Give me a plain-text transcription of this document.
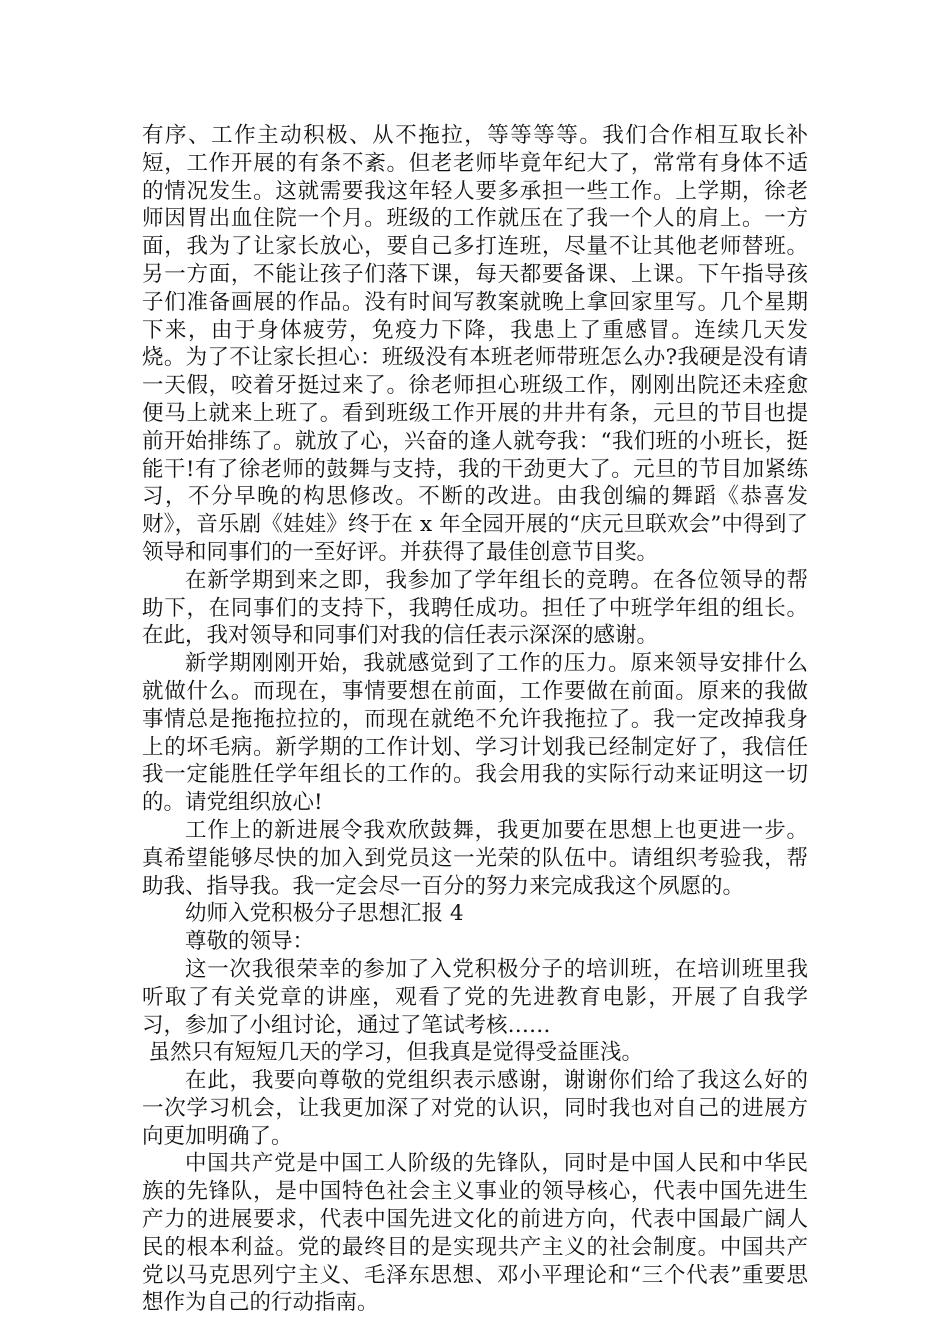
有序、工作主动积极、从不拖拉，等等等等。我们合作相互取长补短，工作开展的有条不紊。但老老师毕竟年纪大了，常常有身体不适的情况发生。这就需要我这年轻人要多承担一些工作。上学期，徐老师因胃出血住院一个月。班级的工作就压在了我一个人的肩上。一方面，我为了让家长放心，要自己多打连班，尽量不让其他老师替班。另一方面，不能让孩子们落下课，每天都要备课、上课。下午指导孩子们准备画展的作品。没有时间写教案就晚上拿回家里写。几个星期下来，由于身体疲劳，免疫力下降，我患上了重感冒。连续几天发烧。为了不让家长担心：班级没有本班老师带班怎么办?我硬是没有请一天假，咬着牙挺过来了。徐老师担心班级工作，刚刚出院还未痊愈便马上就来上班了。看到班级工作开展的井井有条，元旦的节目也提前开始排练了。就放了心，兴奋的逢人就夸我：“我们班的小班长，挺能干!有了徐老师的鼓舞与支持，我的干劲更大了。元旦的节目加紧练习，不分早晚的构思修改。不断的改进。由我创编的舞蹈《恭喜发财》，音乐剧《娃娃》终于在 x 年全园开展的“庆元旦联欢会”中得到了领导和同事们的一至好评。并获得了最佳创意节目奖。

在新学期到来之即，我参加了学年组长的竞聘。在各位领导的帮助下，在同事们的支持下，我聘任成功。担任了中班学年组的组长。在此，我对领导和同事们对我的信任表示深深的感谢。

新学期刚刚开始，我就感觉到了工作的压力。原来领导安排什么就做什么。而现在，事情要想在前面，工作要做在前面。原来的我做事情总是拖拖拉拉的，而现在就绝不允许我拖拉了。我一定改掉我身上的坏毛病。新学期的工作计划、学习计划我已经制定好了，我信任我一定能胜任学年组长的工作的。我会用我的实际行动来证明这一切的。请党组织放心!

工作上的新进展令我欢欣鼓舞，我更加要在思想上也更进一步。真希望能够尽快的加入到党员这一光荣的队伍中。请组织考验我，帮助我、指导我。我一定会尽一百分的努力来完成我这个夙愿的。

幼师入党积极分子思想汇报 4

尊敬的领导：

这一次我很荣幸的参加了入党积极分子的培训班，在培训班里我听取了有关党章的讲座，观看了党的先进教育电影，开展了自我学习，参加了小组讨论，通过了笔试考核……

虽然只有短短几天的学习，但我真是觉得受益匪浅。

在此，我要向尊敬的党组织表示感谢，谢谢你们给了我这么好的一次学习机会，让我更加深了对党的认识，同时我也对自己的进展方向更加明确了。

中国共产党是中国工人阶级的先锋队，同时是中国人民和中华民族的先锋队，是中国特色社会主义事业的领导核心，代表中国先进生产力的进展要求，代表中国先进文化的前进方向，代表中国最广阔人民的根本利益。党的最终目的是实现共产主义的社会制度。中国共产党以马克思列宁主义、毛泽东思想、邓小平理论和“三个代表”重要思想作为自己的行动指南。
